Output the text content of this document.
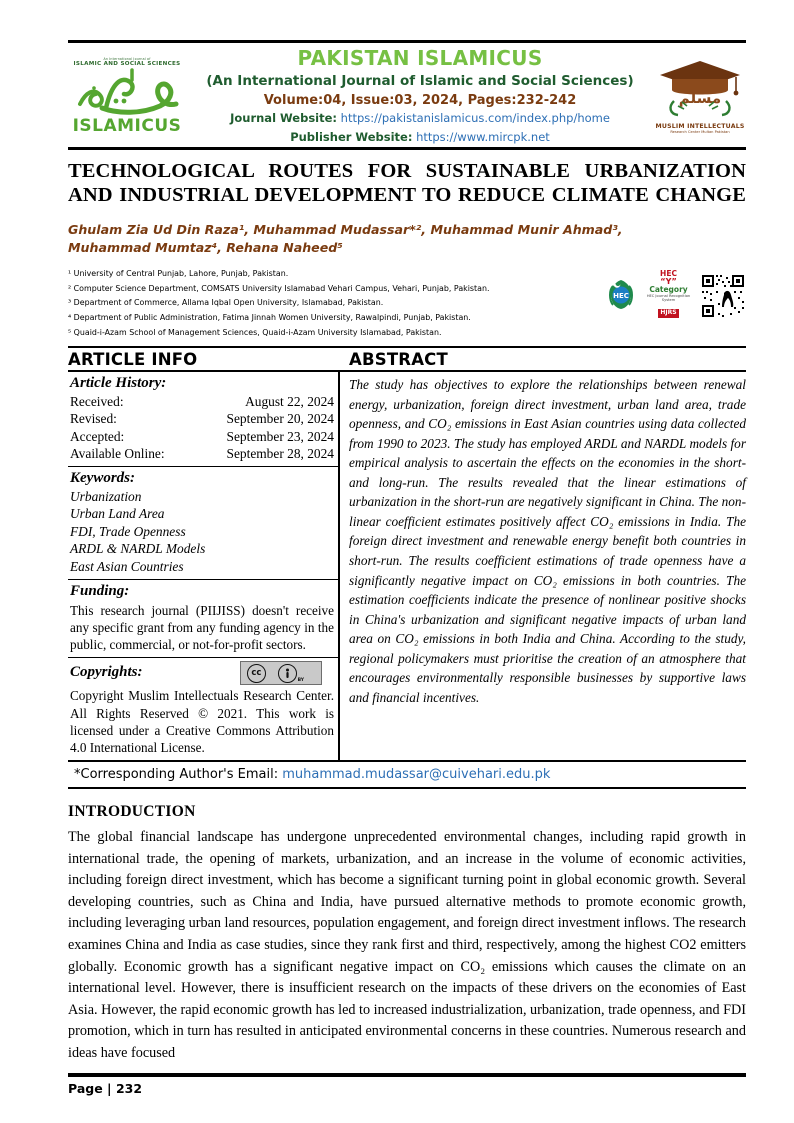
An International Journal of
ISLAMIC AND SOCIAL SCIENCES
ISLAMICUS
PAKISTAN ISLAMICUS
(An International Journal of Islamic and Social Sciences)
Volume:04, Issue:03, 2024, Pages:232-242
Journal Website: https://pakistanislamicus.com/index.php/home
Publisher Website: https://www.mircpk.net
مسلم
MUSLIM INTELLECTUALS
Research Center Multan Pakistan
TECHNOLOGICAL ROUTES FOR SUSTAINABLE URBANIZATION
AND INDUSTRIAL DEVELOPMENT TO REDUCE CLIMATE CHANGE
Ghulam Zia Ud Din Raza¹, Muhammad Mudassar*², Muhammad Munir Ahmad³,
Muhammad Mumtaz⁴, Rehana Naheed⁵
¹ University of Central Punjab, Lahore, Punjab, Pakistan.
² Computer Science Department, COMSATS University Islamabad Vehari Campus, Vehari, Punjab, Pakistan.
³ Department of Commerce, Allama Iqbal Open University, Islamabad, Pakistan.
⁴ Department of Public Administration, Fatima Jinnah Women University, Rawalpindi, Punjab, Pakistan.
⁵ Quaid-i-Azam School of Management Sciences, Quaid-i-Azam University Islamabad, Pakistan.
HEC
HEC
“Y”
Category
HEC Journal Recognition System
HJRS
ARTICLE INFO	ABSTRACT
Article History:
Received:	August 22, 2024
Revised:	September 20, 2024
Accepted:	September 23, 2024
Available Online:	September 28, 2024
Keywords:
Urbanization
Urban Land Area
FDI, Trade Openness
ARDL & NARDL Models
East Asian Countries
Funding:
This research journal (PIIJISS) doesn't receive any specific grant from any funding agency in the public, commercial, or not-for-profit sectors.
Copyrights:	cc
BY
Copyright Muslim Intellectuals Research Center. All Rights Reserved © 2021. This work is licensed under a Creative Commons Attribution 4.0 International License.
The study has objectives to explore the relationships between renewal energy, urbanization, foreign direct investment, urban land area, trade openness, and CO₂ emissions in East Asian countries using data collected from 1990 to 2023. The study has employed ARDL and NARDL models for empirical analysis to ascertain the effects on the economies in the short- and long-run. The results revealed that the linear estimations of urbanization in the short-run are negatively significant in China. The non-linear coefficient estimates positively affect CO₂ emissions in India. The foreign direct investment and renewable energy benefit both countries in short-run. The results coefficient estimations of trade openness have a significantly negative impact on CO₂ emissions in both countries. The estimation coefficients indicate the presence of nonlinear positive shocks in China's urbanization and significant negative impacts of urban land area on CO₂ emissions in both India and China. According to the study, regional policymakers must prioritise the creation of an atmosphere that encourages environmentally responsible businesses by supportive laws and financial incentives.
*Corresponding Author's Email: muhammad.mudassar@cuivehari.edu.pk
INTRODUCTION

The global financial landscape has undergone unprecedented environmental changes, including rapid growth in international trade, the opening of markets, urbanization, and an increase in the volume of economic activities, including foreign direct investment, which has become a significant turning point in global economic growth. Several developing countries, such as China and India, have pursued alternative methods to promote economic growth, including leveraging urban land resources, population engagement, and foreign direct investment inflows. The research examines China and India as case studies, since they rank first and third, respectively, among the highest CO2 emitters globally. Economic growth has a significant negative impact on CO₂ emissions which causes the climate on an international level. However, there is insufficient research on the impacts of these drivers on the economies of East Asia. However, the rapid economic growth has led to increased industrialization, urbanization, trade openness, and FDI promotion, which in turn has resulted in anticipated environmental concerns in these countries. Numerous research and ideas have focused

Page | 232
